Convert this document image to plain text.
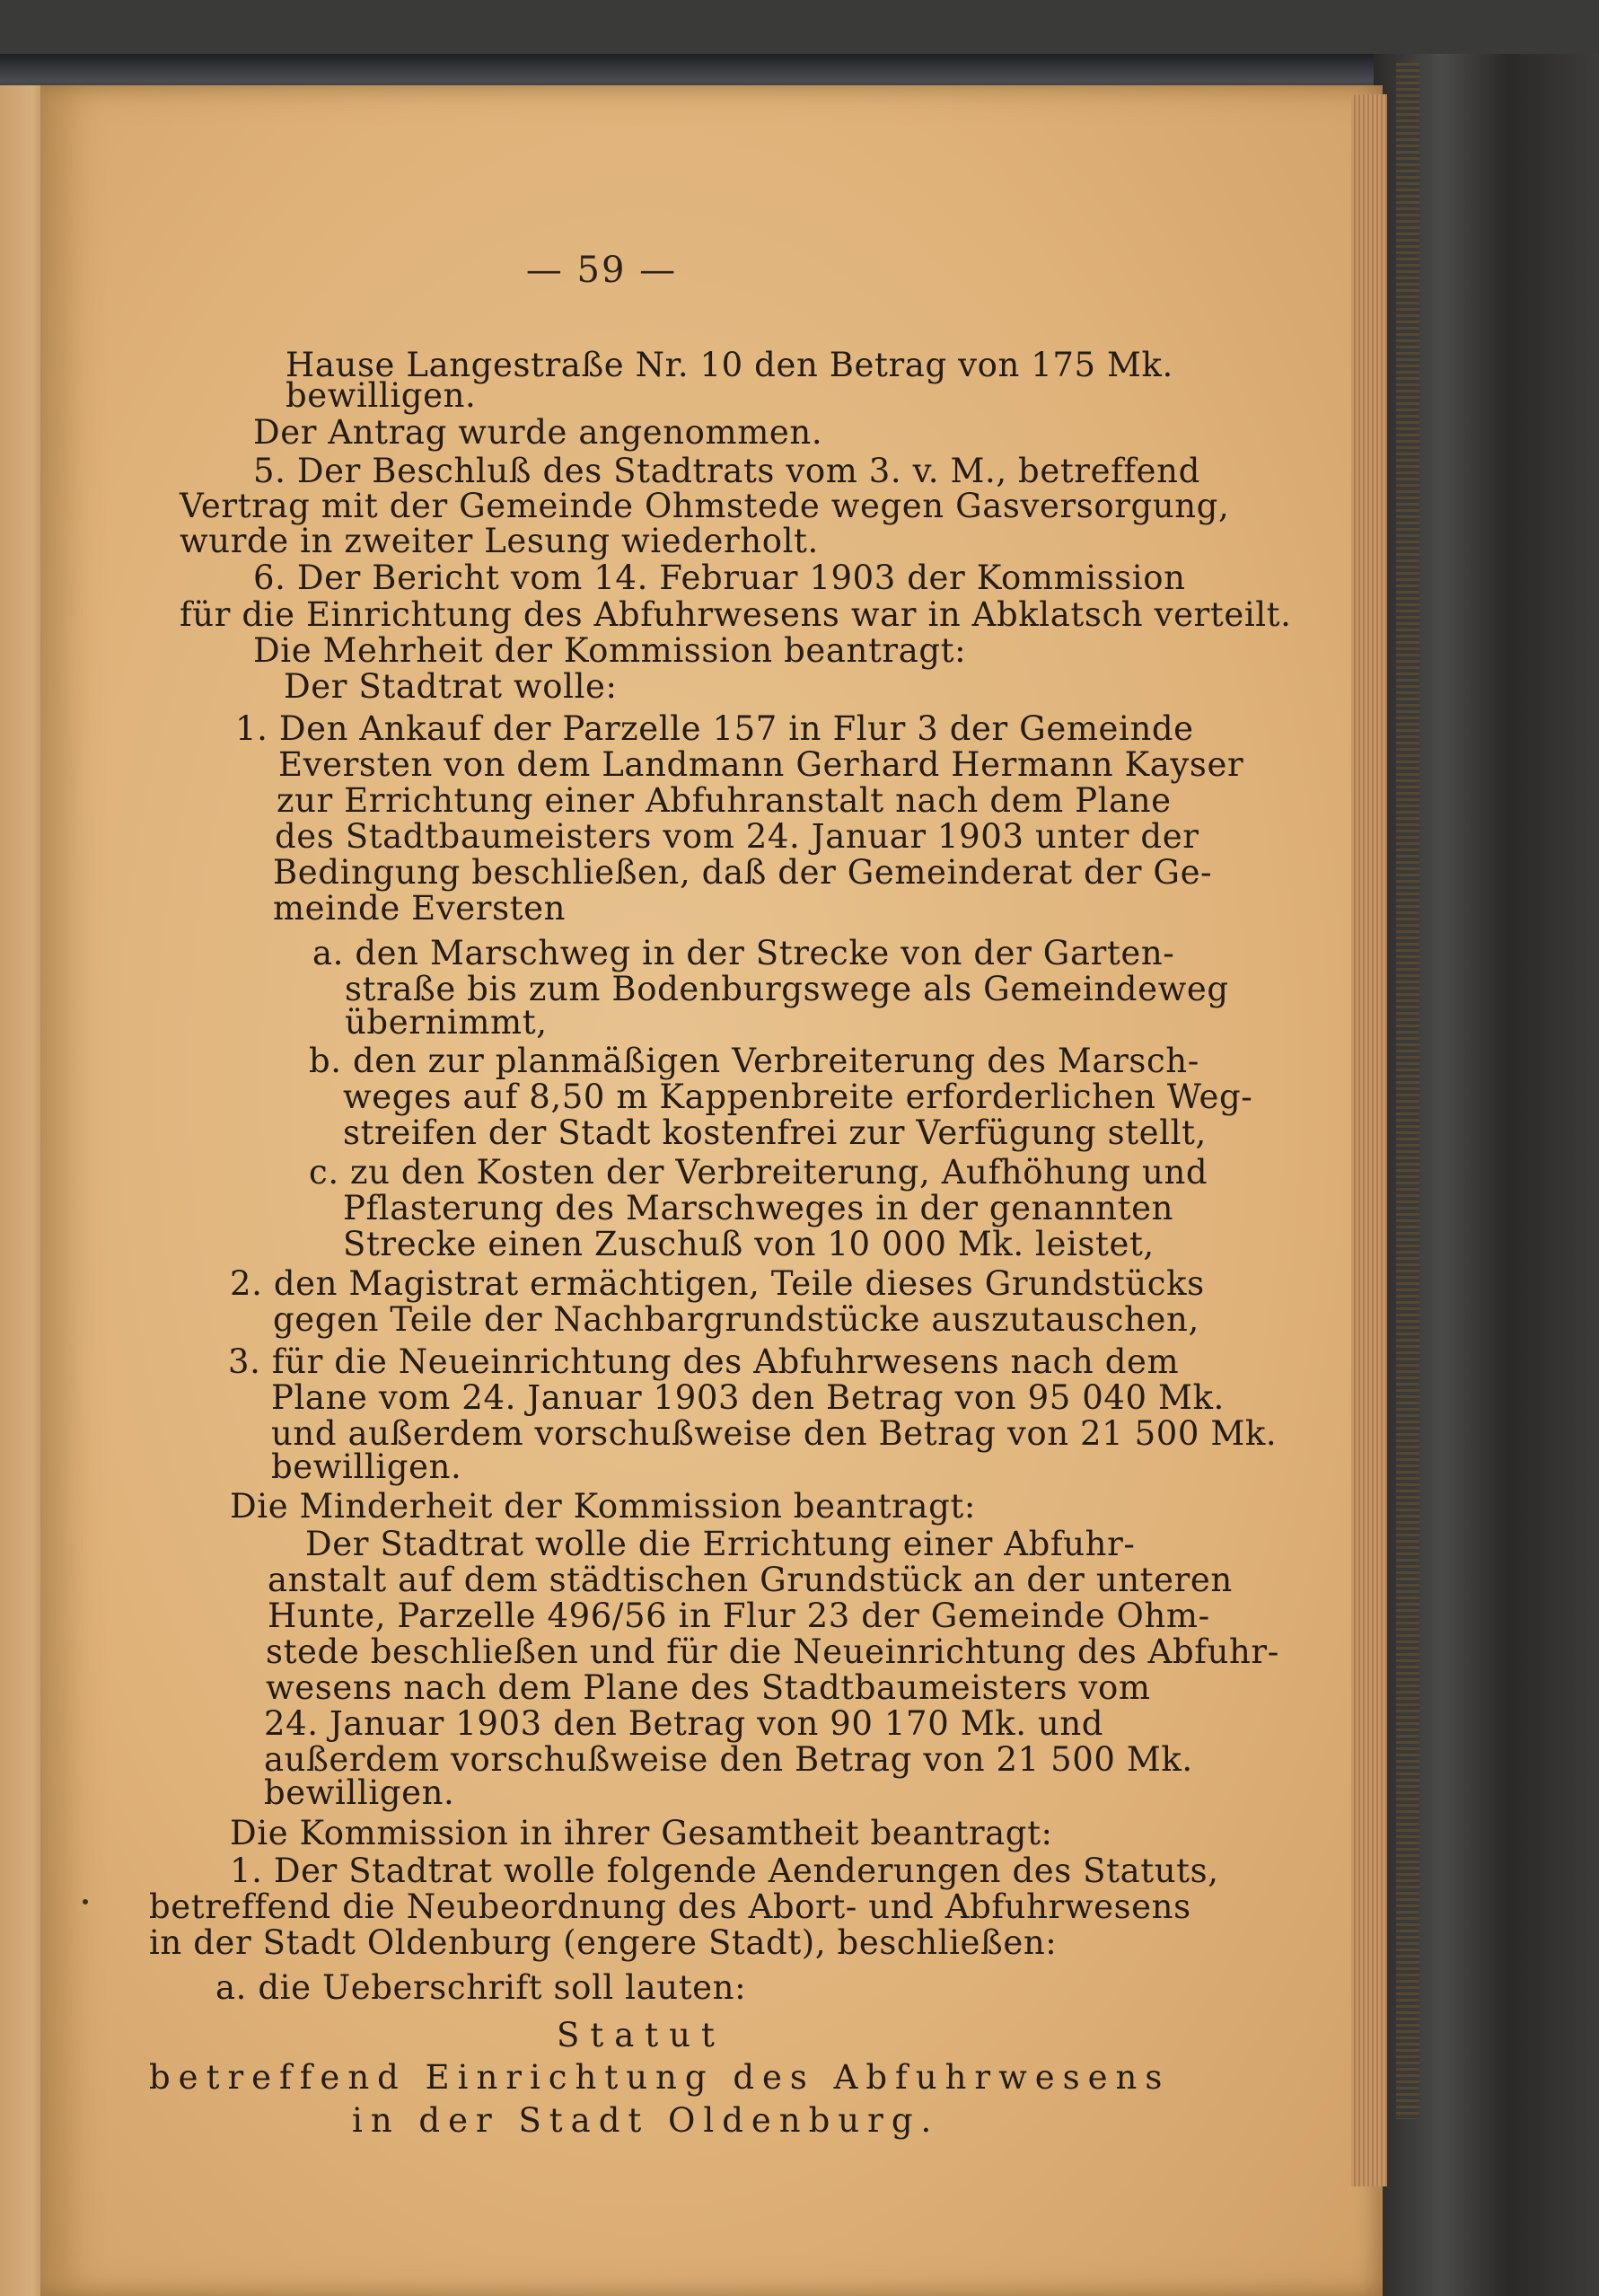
— 59 —

Hause Langestraße Nr. 10 den Betrag von 175 Mk.

bewilligen.

Der Antrag wurde angenommen.

5. Der Beschluß des Stadtrats vom 3. v. M., betreffend

Vertrag mit der Gemeinde Ohmstede wegen Gasversorgung,

wurde in zweiter Lesung wiederholt.

6. Der Bericht vom 14. Februar 1903 der Kommission

für die Einrichtung des Abfuhrwesens war in Abklatsch verteilt.

Die Mehrheit der Kommission beantragt:

Der Stadtrat wolle:

1. Den Ankauf der Parzelle 157 in Flur 3 der Gemeinde

Eversten von dem Landmann Gerhard Hermann Kayser

zur Errichtung einer Abfuhranstalt nach dem Plane

des Stadtbaumeisters vom 24. Januar 1903 unter der

Bedingung beschließen, daß der Gemeinderat der Ge-

meinde Eversten

a. den Marschweg in der Strecke von der Garten-

straße bis zum Bodenburgswege als Gemeindeweg

übernimmt,

b. den zur planmäßigen Verbreiterung des Marsch-

weges auf 8,50 m Kappenbreite erforderlichen Weg-

streifen der Stadt kostenfrei zur Verfügung stellt,

c. zu den Kosten der Verbreiterung, Aufhöhung und

Pflasterung des Marschweges in der genannten

Strecke einen Zuschuß von 10 000 Mk. leistet,

2. den Magistrat ermächtigen, Teile dieses Grundstücks

gegen Teile der Nachbargrundstücke auszutauschen,

3. für die Neueinrichtung des Abfuhrwesens nach dem

Plane vom 24. Januar 1903 den Betrag von 95 040 Mk.

und außerdem vorschußweise den Betrag von 21 500 Mk.

bewilligen.

Die Minderheit der Kommission beantragt:

Der Stadtrat wolle die Errichtung einer Abfuhr-

anstalt auf dem städtischen Grundstück an der unteren

Hunte, Parzelle 496/56 in Flur 23 der Gemeinde Ohm-

stede beschließen und für die Neueinrichtung des Abfuhr-

wesens nach dem Plane des Stadtbaumeisters vom

24. Januar 1903 den Betrag von 90 170 Mk. und

außerdem vorschußweise den Betrag von 21 500 Mk.

bewilligen.

Die Kommission in ihrer Gesamtheit beantragt:

1. Der Stadtrat wolle folgende Aenderungen des Statuts,

betreffend die Neubeordnung des Abort- und Abfuhrwesens

in der Stadt Oldenburg (engere Stadt), beschließen:

a. die Ueberschrift soll lauten:

Statut

betreffend Einrichtung des Abfuhrwesens

in der Stadt Oldenburg.
